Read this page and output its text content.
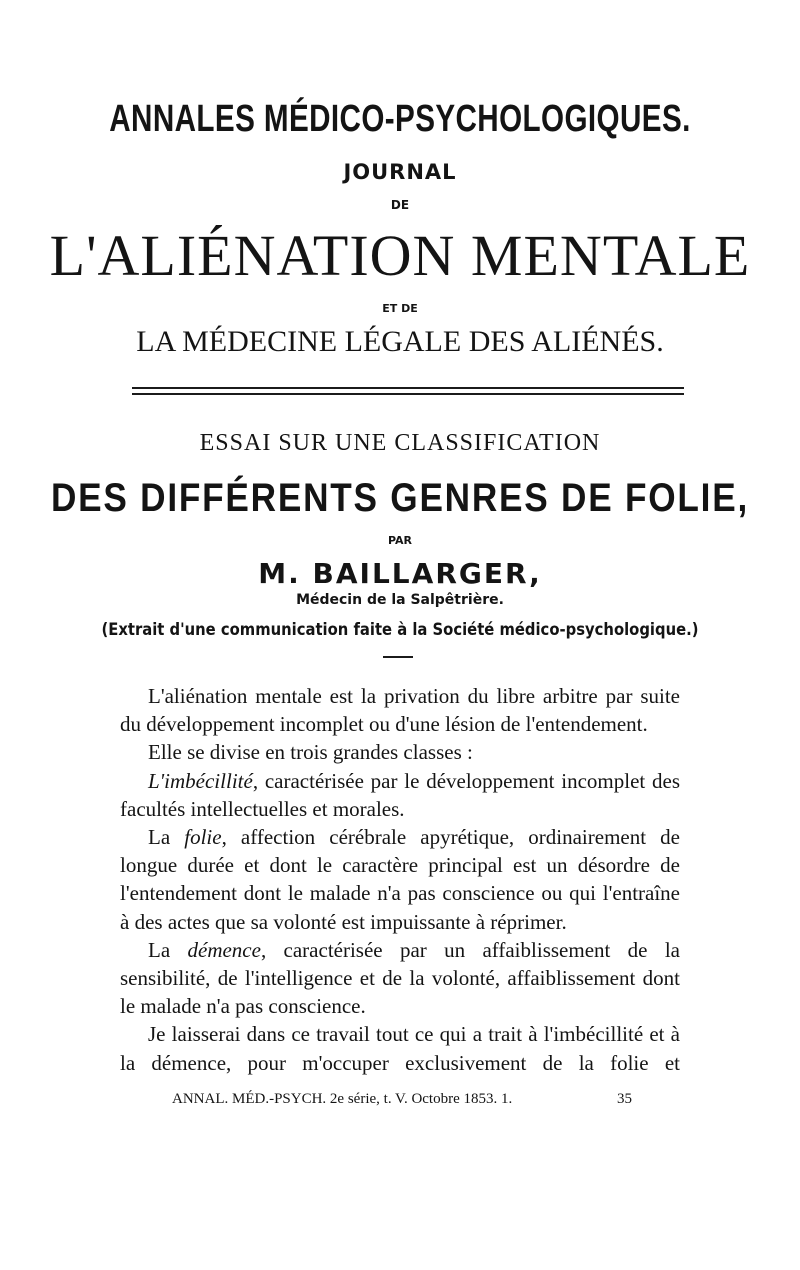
ANNALES MÉDICO-PSYCHOLOGIQUES.
JOURNAL
DE
L'ALIÉNATION MENTALE
ET DE
LA MÉDECINE LÉGALE DES ALIÉNÉS.
ESSAI SUR UNE CLASSIFICATION
DES DIFFÉRENTS GENRES DE FOLIE,
PAR
M. BAILLARGER,
Médecin de la Salpêtrière.
(Extrait d'une communication faite à la Société médico-psychologique.)

L'aliénation mentale est la privation du libre arbitre par suite du développement incomplet ou d'une lésion de l'entendement.

Elle se divise en trois grandes classes :

L'imbécillité, caractérisée par le développement incomplet des facultés intellectuelles et morales.

La folie, affection cérébrale apyrétique, ordinairement de longue durée et dont le caractère principal est un désordre de l'entendement dont le malade n'a pas conscience ou qui l'entraîne à des actes que sa volonté est impuissante à réprimer.

La démence, caractérisée par un affaiblissement de la sensibilité, de l'intelligence et de la volonté, affaiblissement dont le malade n'a pas conscience.

Je laisserai dans ce travail tout ce qui a trait à l'imbécillité et à la démence, pour m'occuper exclusivement de la folie et

ANNAL. MÉD.-PSYCH. 2e série, t. V. Octobre 1853. 1.	35
